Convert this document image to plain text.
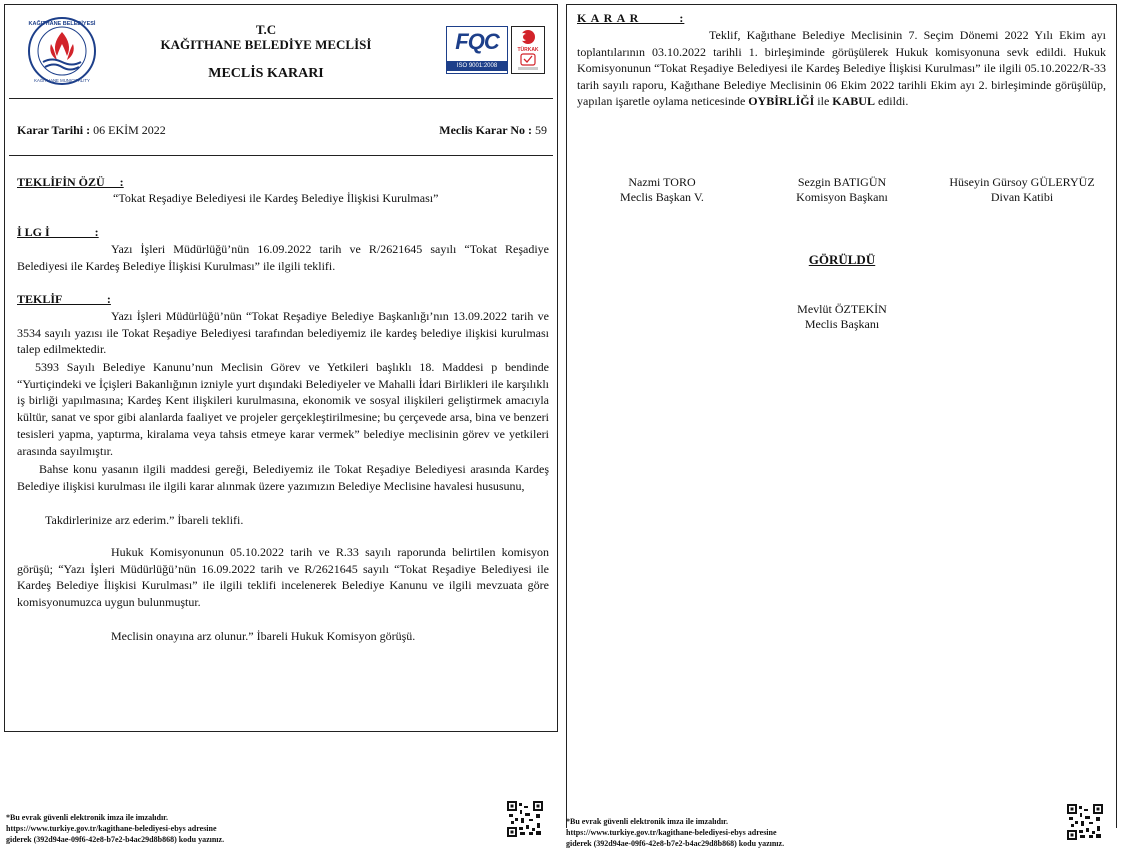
KAĞITHANE BELEDİYESİ
KAĞITHANE MUNICIPALITY
T.C
KAĞITHANE BELEDİYE MECLİSİ
MECLİS KARARI
FQC
ISO 9001:2008
TÜRKAK
Karar Tarihi : 06 EKİM 2022	Meclis Karar No : 59
TEKLİFİN ÖZÜ     :
“Tokat Reşadiye Belediyesi ile Kardeş Belediye İlişkisi Kurulması”
İ LG İ               :
Yazı İşleri Müdürlüğü’nün 16.09.2022 tarih ve R/2621645 sayılı “Tokat Reşadiye Belediyesi ile Kardeş Belediye İlişkisi Kurulması” ile ilgili teklifi.
TEKLİF               :
Yazı İşleri Müdürlüğü’nün “Tokat Reşadiye Belediye Başkanlığı’nın 13.09.2022 tarih ve 3534 sayılı yazısı ile Tokat Reşadiye Belediyesi tarafından belediyemiz ile kardeş belediye ilişkisi kurulması talep edilmektedir.
5393 Sayılı Belediye Kanunu’nun Meclisin Görev ve Yetkileri başlıklı 18. Maddesi p bendinde “Yurtiçindeki ve İçişleri Bakanlığının izniyle yurt dışındaki Belediyeler ve Mahalli İdari Birlikleri ile karşılıklı iş birliği yapılmasına; Kardeş Kent ilişkileri kurulmasına, ekonomik ve sosyal ilişkileri geliştirmek amacıyla kültür, sanat ve spor gibi alanlarda faaliyet ve projeler gerçekleştirilmesine; bu çerçevede arsa, bina ve benzeri tesisleri yapma, yaptırma, kiralama veya tahsis etmeye karar vermek” belediye meclisinin görev ve yetkileri arasında sayılmıştır.
Bahse konu yasanın ilgili maddesi gereği, Belediyemiz ile Tokat Reşadiye Belediyesi arasında Kardeş Belediye ilişkisi kurulması ile ilgili karar alınmak üzere yazımızın Belediye Meclisine havalesi hususunu,
Takdirlerinize arz ederim.” İbareli teklifi.
Hukuk Komisyonunun 05.10.2022 tarih ve R.33 sayılı raporunda belirtilen komisyon görüşü; “Yazı İşleri Müdürlüğü’nün 16.09.2022 tarih ve R/2621645 sayılı “Tokat Reşadiye Belediyesi ile Kardeş Belediye İlişkisi Kurulması” ile ilgili teklifi incelenerek Belediye Kanunu ve ilgili mevzuata göre komisyonumuzca uygun bulunmuştur.
Meclisin onayına arz olunur.” İbareli Hukuk Komisyon görüşü.
*Bu evrak güvenli elektronik imza ile imzalıdır.
https://www.turkiye.gov.tr/kagithane-belediyesi-ebys adresine
giderek (392d94ae-09f6-42e8-b7e2-b4ac29d8b868) kodu yazınız.
K A R A R          :
Teklif, Kağıthane Belediye Meclisinin 7. Seçim Dönemi 2022 Yılı Ekim ayı toplantılarının 03.10.2022 tarihli 1. birleşiminde görüşülerek Hukuk komisyonuna sevk edildi. Hukuk Komisyonunun “Tokat Reşadiye Belediyesi ile Kardeş Belediye İlişkisi Kurulması” ile ilgili 05.10.2022/R-33 tarih sayılı raporu, Kağıthane Belediye Meclisinin 06 Ekim 2022 tarihli Ekim ayı 2. birleşiminde görüşülüp, yapılan işaretle oylama neticesinde OYBİRLİĞİ ile KABUL edildi.
Nazmi TORO
Meclis Başkan V.
Sezgin BATIGÜN
Komisyon Başkanı
Hüseyin Gürsoy GÜLERYÜZ
Divan Katibi
GÖRÜLDÜ
Mevlüt ÖZTEKİN
Meclis Başkanı
*Bu evrak güvenli elektronik imza ile imzalıdır.
https://www.turkiye.gov.tr/kagithane-belediyesi-ebys adresine
giderek (392d94ae-09f6-42e8-b7e2-b4ac29d8b868) kodu yazınız.
